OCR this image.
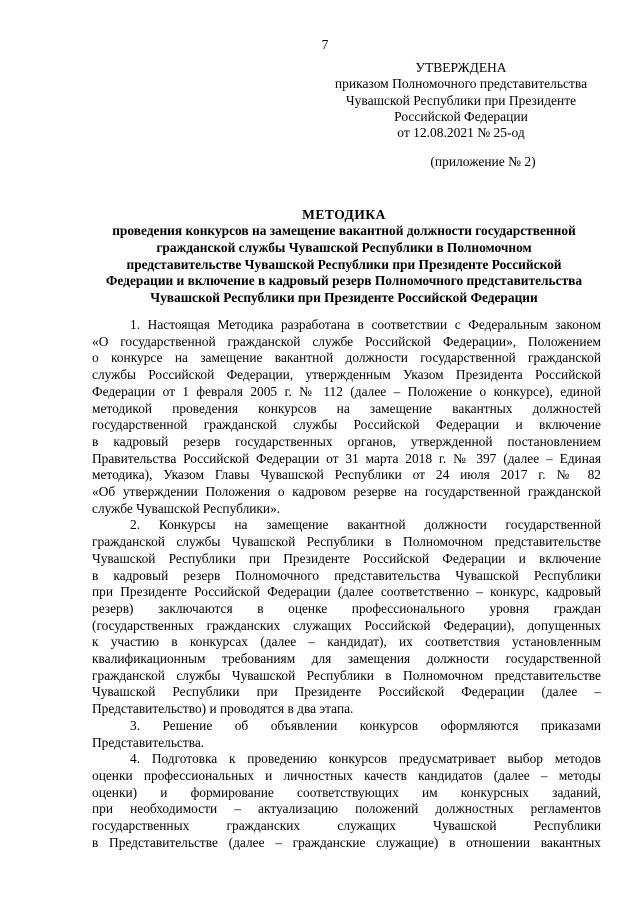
7
УТВЕРЖДЕНА
приказом Полномочного представительства
Чувашской Республики при Президенте
Российской Федерации
от 12.08.2021 № 25-од
(приложение № 2)
МЕТОДИКА
проведения конкурсов на замещение вакантной должности государственной
гражданской службы Чувашской Республики в Полномочном
представительстве Чувашской Республики при Президенте Российской
Федерации и включение в кадровый резерв Полномочного представительства
Чувашской Республики при Президенте Российской Федерации
1. Настоящая Методика разработана в соответствии с Федеральным законом
«О государственной гражданской службе Российской Федерации», Положением
о конкурсе на замещение вакантной должности государственной гражданской
службы Российской Федерации, утвержденным Указом Президента Российской
Федерации от 1 февраля 2005 г. № 112 (далее – Положение о конкурсе), единой
методикой проведения конкурсов на замещение вакантных должностей
государственной гражданской службы Российской Федерации и включение
в кадровый резерв государственных органов, утвержденной постановлением
Правительства Российской Федерации от 31 марта 2018 г. № 397 (далее – Единая
методика), Указом Главы Чувашской Республики от 24 июля 2017 г. № 82
«Об утверждении Положения о кадровом резерве на государственной гражданской
службе Чувашской Республики».
2. Конкурсы на замещение вакантной должности государственной
гражданской службы Чувашской Республики в Полномочном представительстве
Чувашской Республики при Президенте Российской Федерации и включение
в кадровый резерв Полномочного представительства Чувашской Республики
при Президенте Российской Федерации (далее соответственно – конкурс, кадровый
резерв) заключаются в оценке профессионального уровня граждан
(государственных гражданских служащих Российской Федерации), допущенных
к участию в конкурсах (далее – кандидат), их соответствия установленным
квалификационным требованиям для замещения должности государственной
гражданской службы Чувашской Республики в Полномочном представительстве
Чувашской Республики при Президенте Российской Федерации (далее –
Представительство) и проводятся в два этапа.
3. Решение об объявлении конкурсов оформляются приказами
Представительства.
4. Подготовка к проведению конкурсов предусматривает выбор методов
оценки профессиональных и личностных качеств кандидатов (далее – методы
оценки) и формирование соответствующих им конкурсных заданий,
при необходимости – актуализацию положений должностных регламентов
государственных гражданских служащих Чувашской Республики
в Представительстве (далее – гражданские служащие) в отношении вакантных
